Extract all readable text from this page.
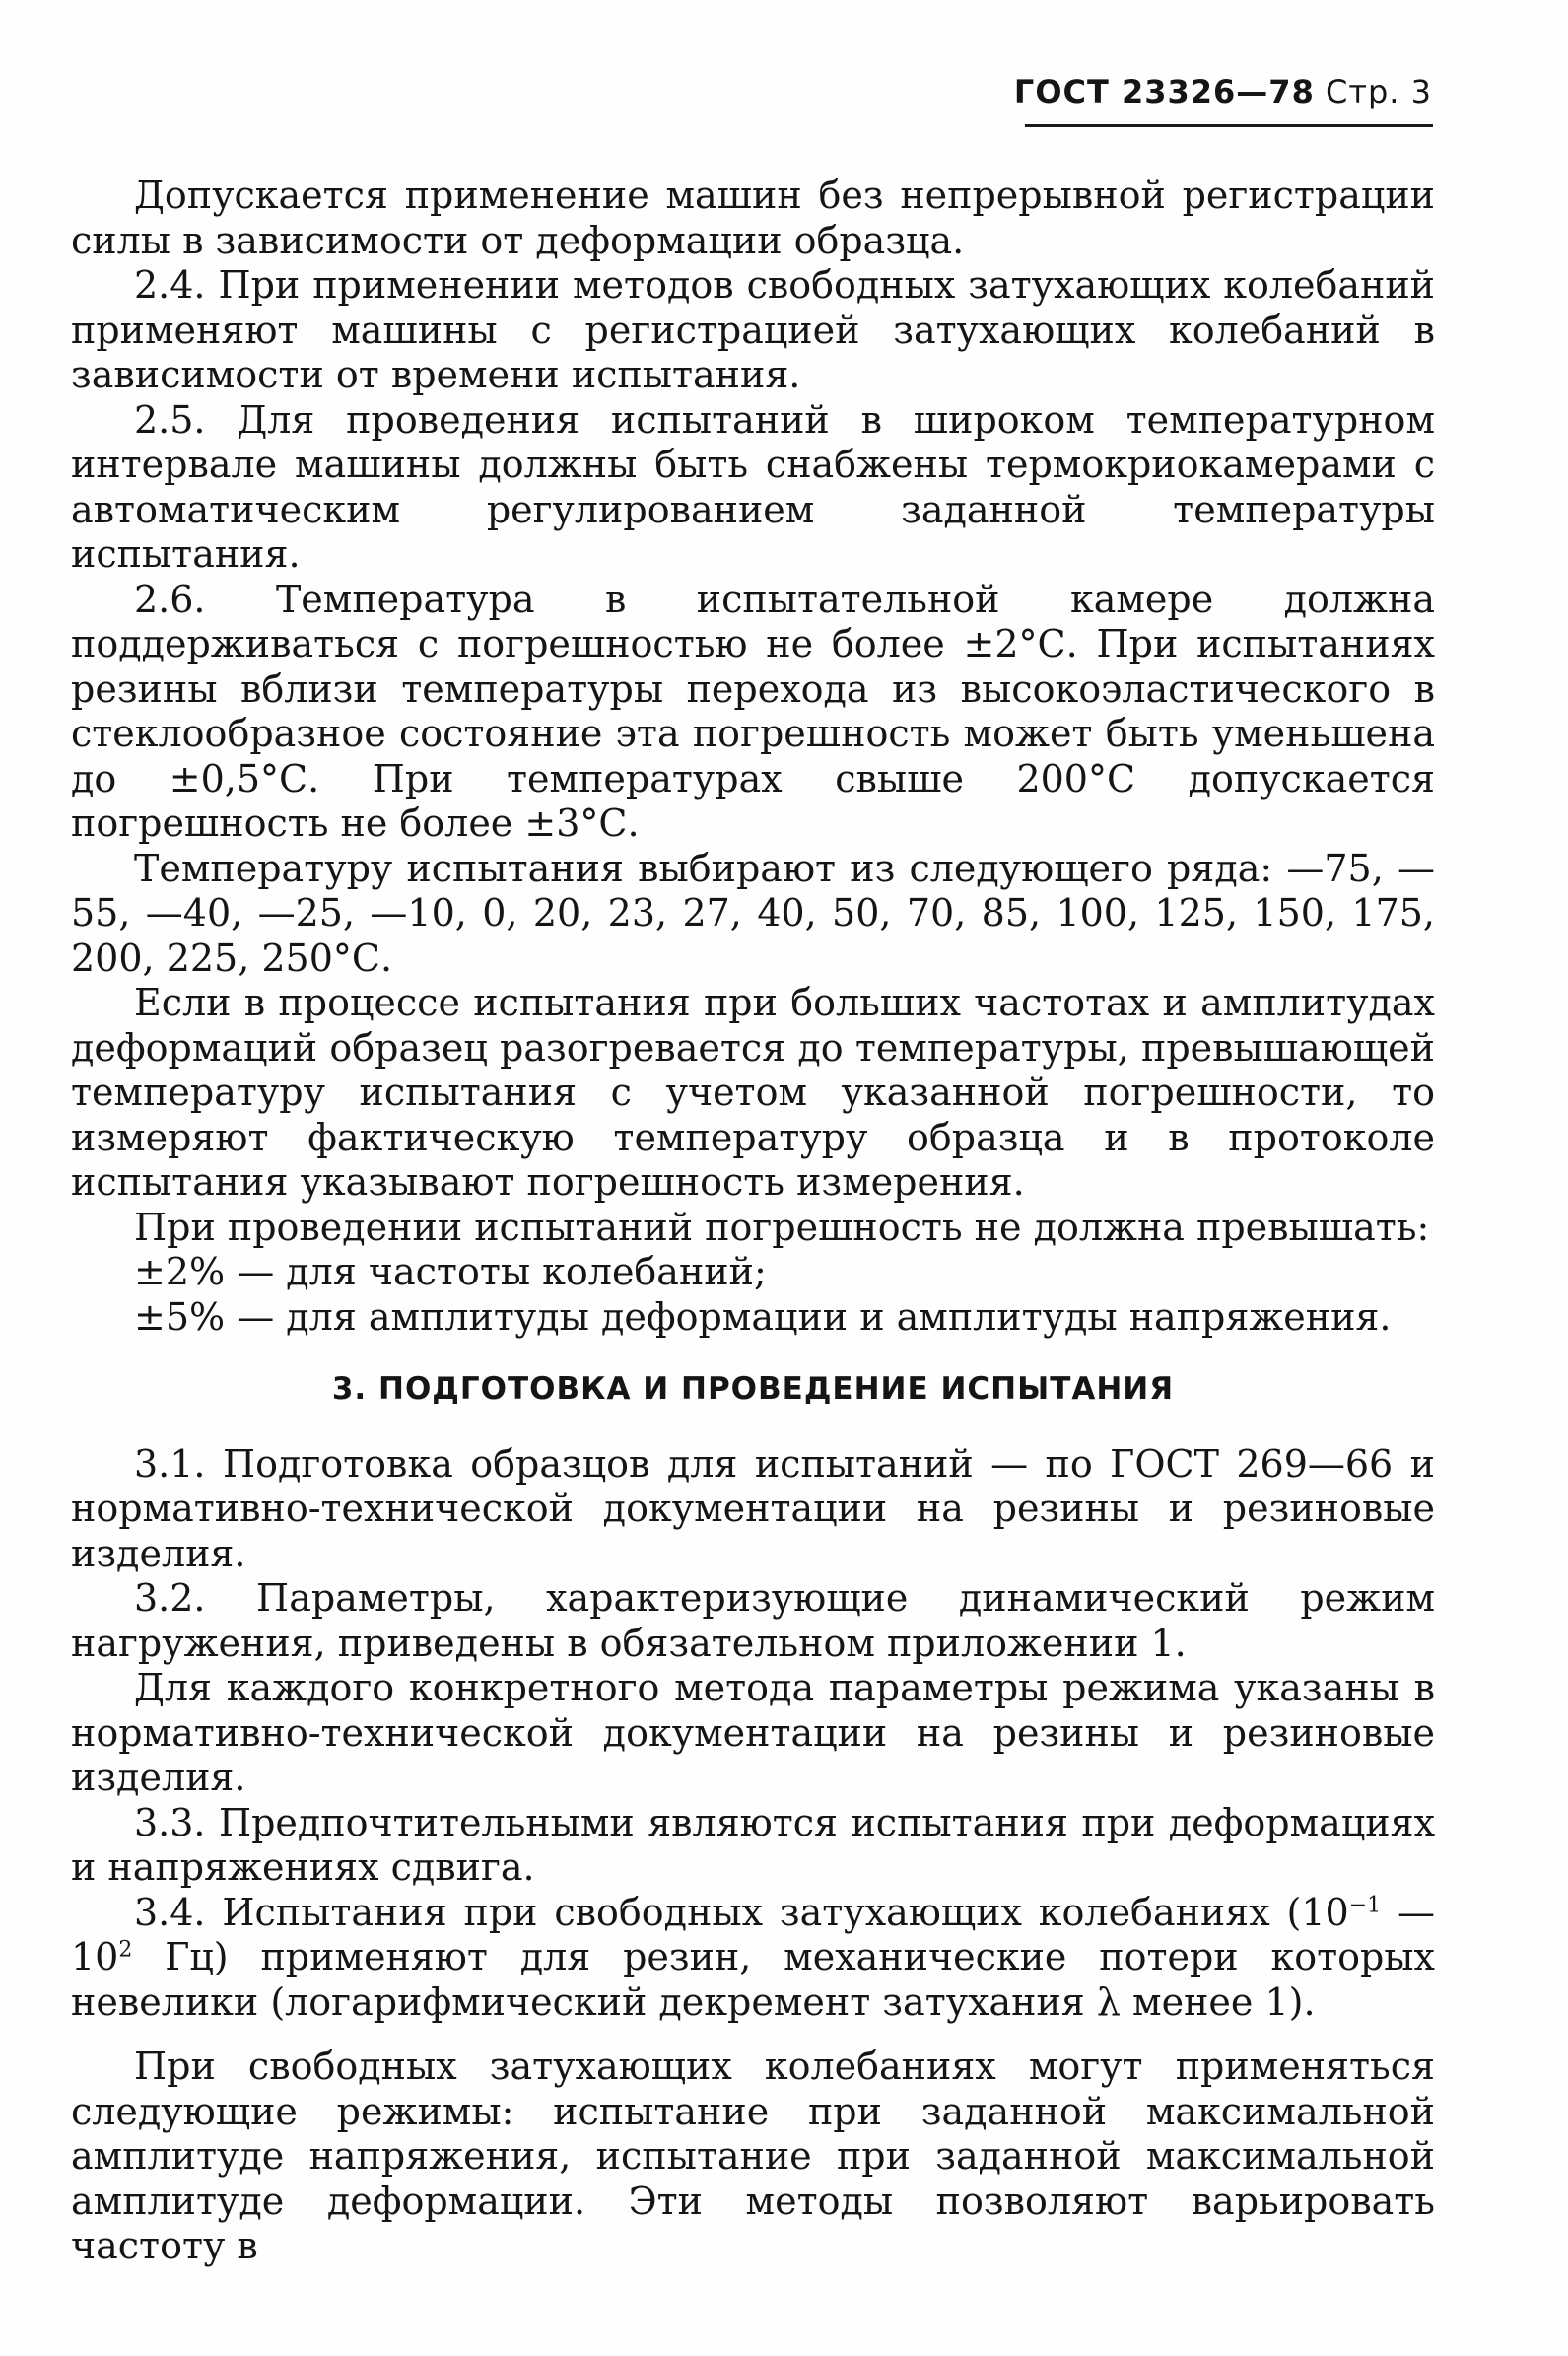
ГОСТ 23326—78 Стр. 3

Допускается применение машин без непрерывной регистрации силы в зависимости от деформации образца.

2.4. При применении методов свободных затухающих колебаний применяют машины с регистрацией затухающих колебаний в зависимости от времени испытания.

2.5. Для проведения испытаний в широком температурном интервале машины должны быть снабжены термокриокамерами с автоматическим регулированием заданной температуры испытания.

2.6. Температура в испытательной камере должна поддерживаться с погрешностью не более ±2°С. При испытаниях резины вблизи температуры перехода из высокоэластического в стеклообразное состояние эта погрешность может быть уменьшена до ±0,5°С. При температурах свыше 200°С допускается погрешность не более ±3°С.

Температуру испытания выбирают из следующего ряда: —75, —55, —40, —25, —10, 0, 20, 23, 27, 40, 50, 70, 85, 100, 125, 150, 175, 200, 225, 250°С.

Если в процессе испытания при больших частотах и амплитудах деформаций образец разогревается до температуры, превышающей температуру испытания с учетом указанной погрешности, то измеряют фактическую температуру образца и в протоколе испытания указывают погрешность измерения.

При проведении испытаний погрешность не должна превышать:

±2% — для частоты колебаний;

±5% — для амплитуды деформации и амплитуды напряжения.

3. ПОДГОТОВКА И ПРОВЕДЕНИЕ ИСПЫТАНИЯ

3.1. Подготовка образцов для испытаний — по ГОСТ 269—66 и нормативно-технической документации на резины и резиновые изделия.

3.2. Параметры, характеризующие динамический режим нагружения, приведены в обязательном приложении 1.

Для каждого конкретного метода параметры режима указаны в нормативно-технической документации на резины и резиновые изделия.

3.3. Предпочтительными являются испытания при деформациях и напряжениях сдвига.

3.4. Испытания при свободных затухающих колебаниях ($10^{-1}$ — $10^2$ Гц) применяют для резин, механические потери которых невелики (логарифмический декремент затухания λ менее 1).

При свободных затухающих колебаниях могут применяться следующие режимы: испытание при заданной максимальной амплитуде напряжения, испытание при заданной максимальной амплитуде деформации. Эти методы позволяют варьировать частоту в
